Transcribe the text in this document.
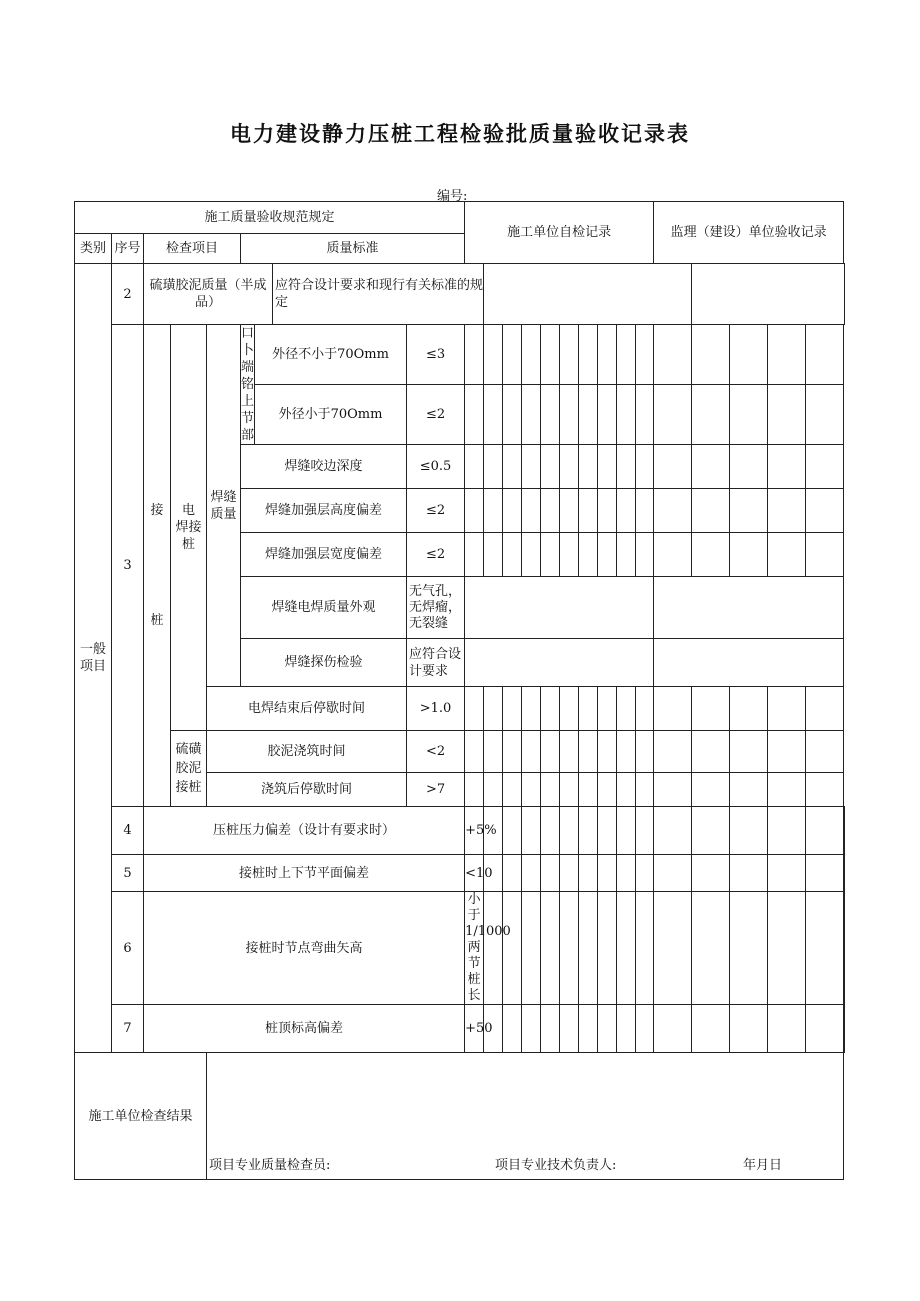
电力建设静力压桩工程检验批质量验收记录表
编号:
施工质量验收规范规定									施工单位自检记录										监理（建设）单位验收记录					
类别	序号	检查项目			质量标准																			
一般项目	2	硫璜胶泥质量（半成品）					应符合设计要求和现行有关标准的规定																	
	3	接桩	电 焊接桩	焊缝质量	口卜端铭上节部	外径不小于70Omm		≤3																
						外径小于70Omm		≤2																
					焊缝咬边深度			≤0.5																
					焊缝加强层高度偏差			≤2																
					焊缝加强层宽度偏差			≤2																
					焊缝电焊质量外观			无气孔，无焊瘤，无裂缝																
					焊缝探伤检验			应符合设计要求																
				电焊结束后停歇时间				>1.0																
			硫磺胶泥接桩	胶泥浇筑时间				<2																
				浇筑后停歇时间				>7																
	4	压桩压力偏差（设计有要求时）							+5%															
	5	接桩时上下节平面偏差							<10															
	6	接桩时节点弯曲矢高							小于1/1000两节桩长															
	7	桩顶标高偏差							+50															
施工单位检查结果				项目专业质量检查员: 项目专业技术负责人: 年月日																				
